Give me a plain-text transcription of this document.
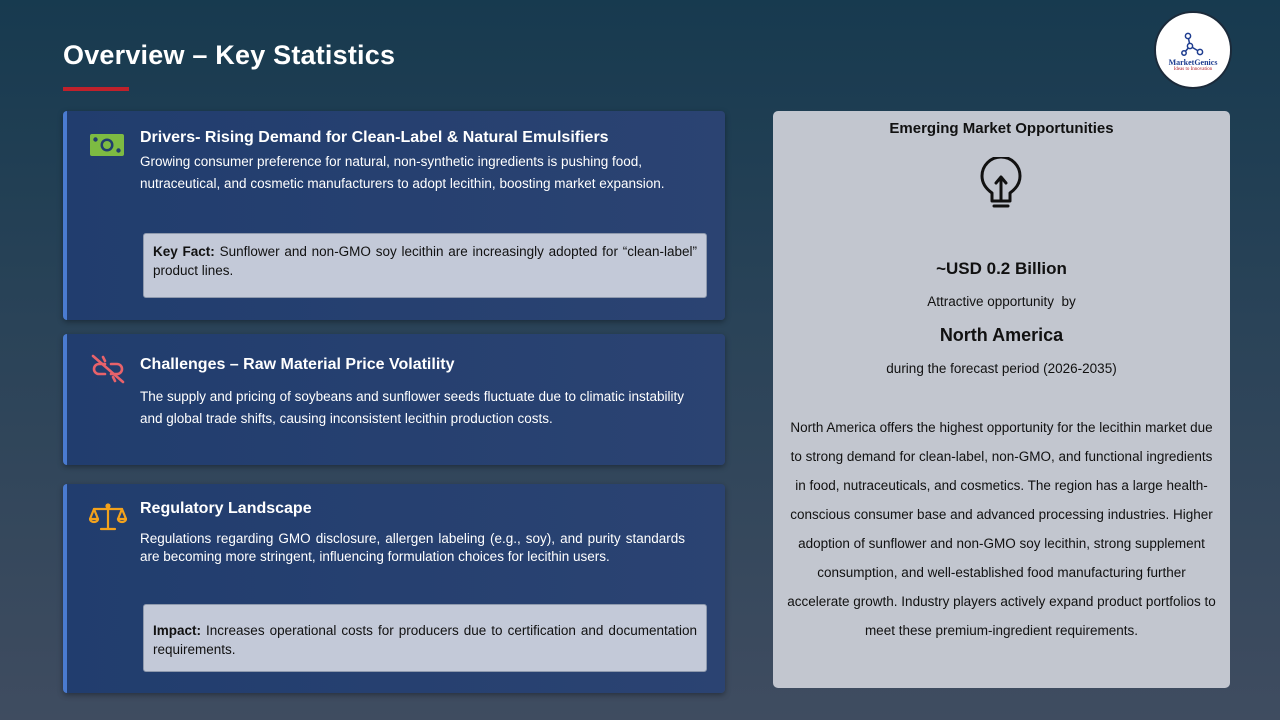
Overview – Key Statistics	MarketGenics
Ideas to Innovation
Drivers- Rising Demand for Clean-Label & Natural Emulsifiers
Growing consumer preference for natural, non-synthetic ingredients is pushing food, nutraceutical, and cosmetic manufacturers to adopt lecithin, boosting market expansion.
Key Fact: Sunflower and non-GMO soy lecithin are increasingly adopted for “clean-label” product lines.
Challenges – Raw Material Price Volatility
The supply and pricing of soybeans and sunflower seeds fluctuate due to climatic instability and global trade shifts, causing inconsistent lecithin production costs.
Regulatory Landscape
Regulations regarding GMO disclosure, allergen labeling (e.g., soy), and purity standards are becoming more stringent, influencing formulation choices for lecithin users.
Impact: Increases operational costs for producers due to certification and documentation requirements.
Emerging Market Opportunities
~USD 0.2 Billion
Attractive opportunity  by
North America
during the forecast period (2026-2035)
North America offers the highest opportunity for the lecithin market due to strong demand for clean-label, non-GMO, and functional ingredients in food, nutraceuticals, and cosmetics. The region has a large health-conscious consumer base and advanced processing industries. Higher adoption of sunflower and non-GMO soy lecithin, strong supplement consumption, and well-established food manufacturing further accelerate growth. Industry players actively expand product portfolios to meet these premium-ingredient requirements.
